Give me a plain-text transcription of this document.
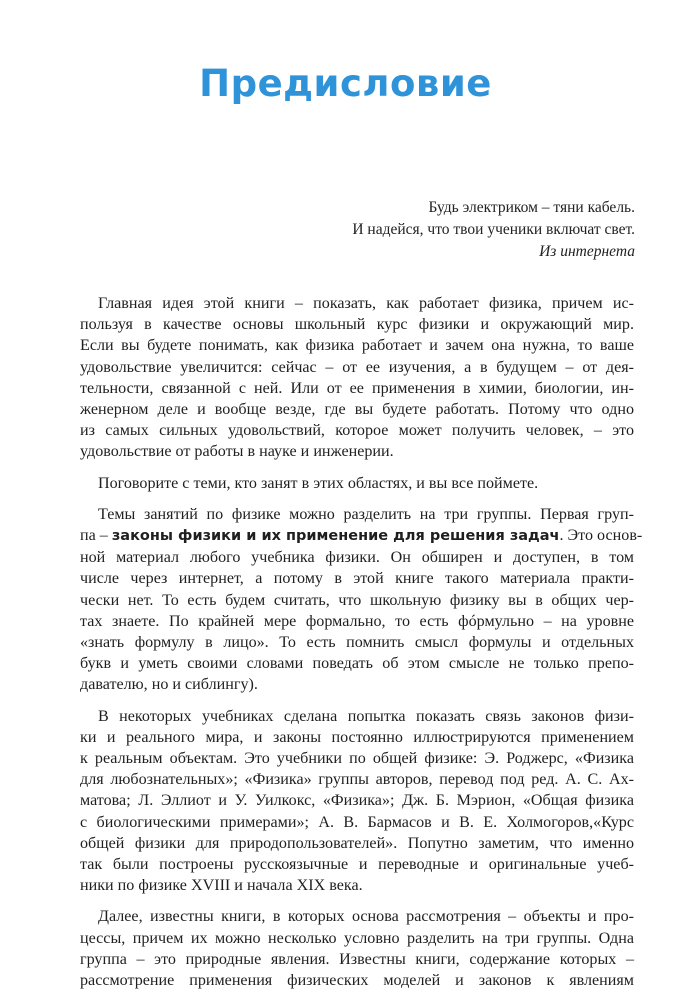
Предисловие
Будь электриком – тяни кабель.
И надейся, что твои ученики включат свет.
Из интернета

Главная идея этой книги – показать, как работает физика, причем ис-
пользуя в качестве основы школьный курс физики и окружающий мир.
Если вы будете понимать, как физика работает и зачем она нужна, то ваше
удовольствие увеличится: сейчас – от ее изучения, а в будущем – от дея-
тельности, связанной с ней. Или от ее применения в химии, биологии, ин-
женерном деле и вообще везде, где вы будете работать. Потому что одно
из самых сильных удовольствий, которое может получить человек, – это
удовольствие от работы в науке и инженерии.

Поговорите с теми, кто занят в этих областях, и вы все поймете.

Темы занятий по физике можно разделить на три группы. Первая груп-
па – законы физики и их применение для решения задач. Это основ-
ной материал любого учебника физики. Он обширен и доступен, в том
числе через интернет, а потому в этой книге такого материала практи-
чески нет. То есть будем считать, что школьную физику вы в общих чер-
тах знаете. По крайней мере формально, то есть фóрмульно – на уровне
«знать формулу в лицо». То есть помнить смысл формулы и отдельных
букв и уметь своими словами поведать об этом смысле не только препо-
давателю, но и сиблингу).

В некоторых учебниках сделана попытка показать связь законов физи-
ки и реального мира, и законы постоянно иллюстрируются применением
к реальным объектам. Это учебники по общей физике: Э. Роджерс, «Физика
для любознательных»; «Физика» группы авторов, перевод под ред. А. С. Ах-
матова; Л. Эллиот и У. Уилкокс, «Физика»; Дж. Б. Мэрион, «Общая физика
с биологическими примерами»; А. В. Бармасов и В. Е. Холмогоров,«Курс
общей физики для природопользователей». Попутно заметим, что именно
так были построены русскоязычные и переводные и оригинальные учеб-
ники по физике XVIII и начала XIX века.

Далее, известны книги, в которых основа рассмотрения – объекты и про-
цессы, причем их можно несколько условно разделить на три группы. Одна
группа – это природные явления. Известны книги, содержание которых –
рассмотрение применения физических моделей и законов к явлениям
